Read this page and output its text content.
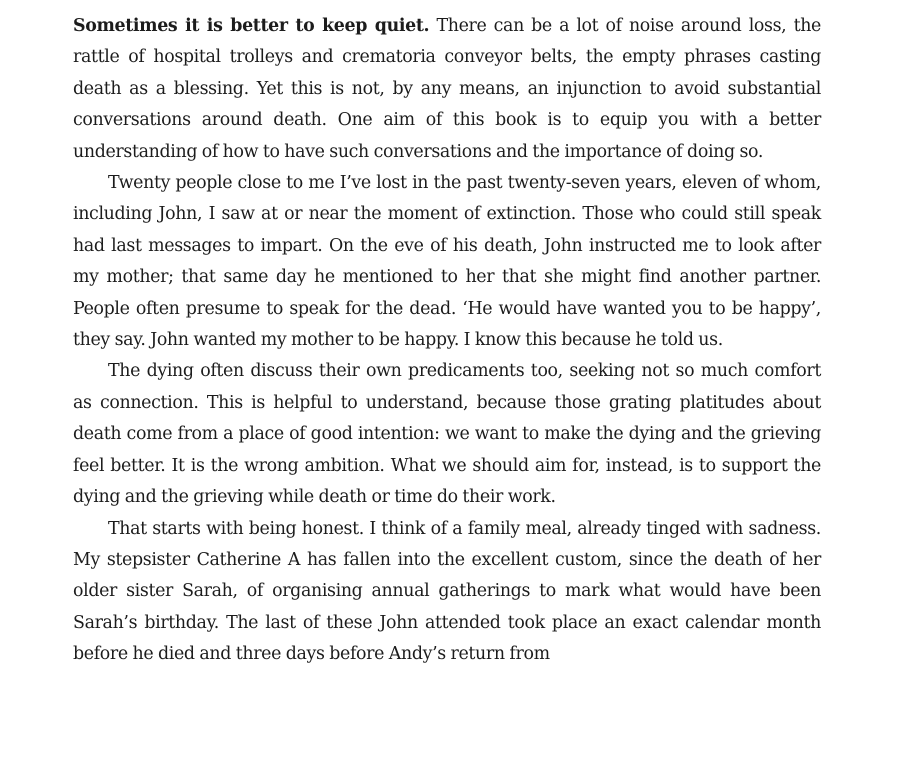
Sometimes it is better to keep quiet. There can be a lot of noise around loss, the rattle of hospital trolleys and crematoria conveyor belts, the empty phrases casting death as a blessing. Yet this is not, by any means, an injunction to avoid substantial conversations around death. One aim of this book is to equip you with a better understanding of how to have such conversations and the importance of doing so.

Twenty people close to me I’ve lost in the past twenty-seven years, eleven of whom, including John, I saw at or near the moment of extinction. Those who could still speak had last messages to impart. On the eve of his death, John instructed me to look after my mother; that same day he mentioned to her that she might find another partner. People often presume to speak for the dead. ‘He would have wanted you to be happy’, they say. John wanted my mother to be happy. I know this because he told us.

The dying often discuss their own predicaments too, seeking not so much comfort as connection. This is helpful to understand, because those grating platitudes about death come from a place of good intention: we want to make the dying and the grieving feel better. It is the wrong ambition. What we should aim for, instead, is to support the dying and the grieving while death or time do their work.

That starts with being honest. I think of a family meal, already tinged with sadness. My stepsister Catherine A has fallen into the excellent custom, since the death of her older sister Sarah, of organising annual gatherings to mark what would have been Sarah’s birthday. The last of these John attended took place an exact calendar month before he died and three days before Andy’s return from
